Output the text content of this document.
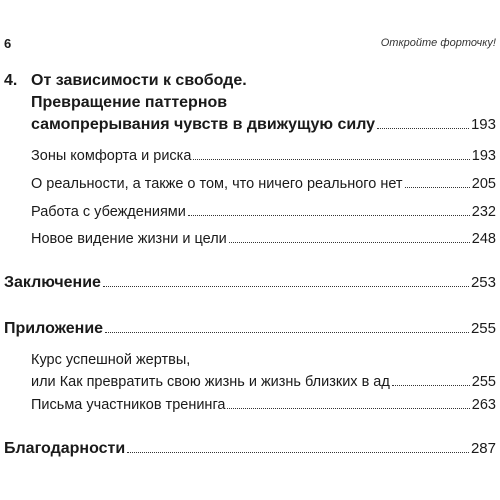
6	Откройте форточку!
4. От зависимости к свободе.
Превращение паттернов
самопрерывания чувств в движущую силу	193
Зоны комфорта и риска	193
О реальности, а также о том, что ничего реального нет	205
Работа с убеждениями	232
Новое видение жизни и цели	248
Заключение	253
Приложение	255
Курс успешной жертвы,
или Как превратить свою жизнь и жизнь близких в ад	255
Письма участников тренинга	263
Благодарности	287
